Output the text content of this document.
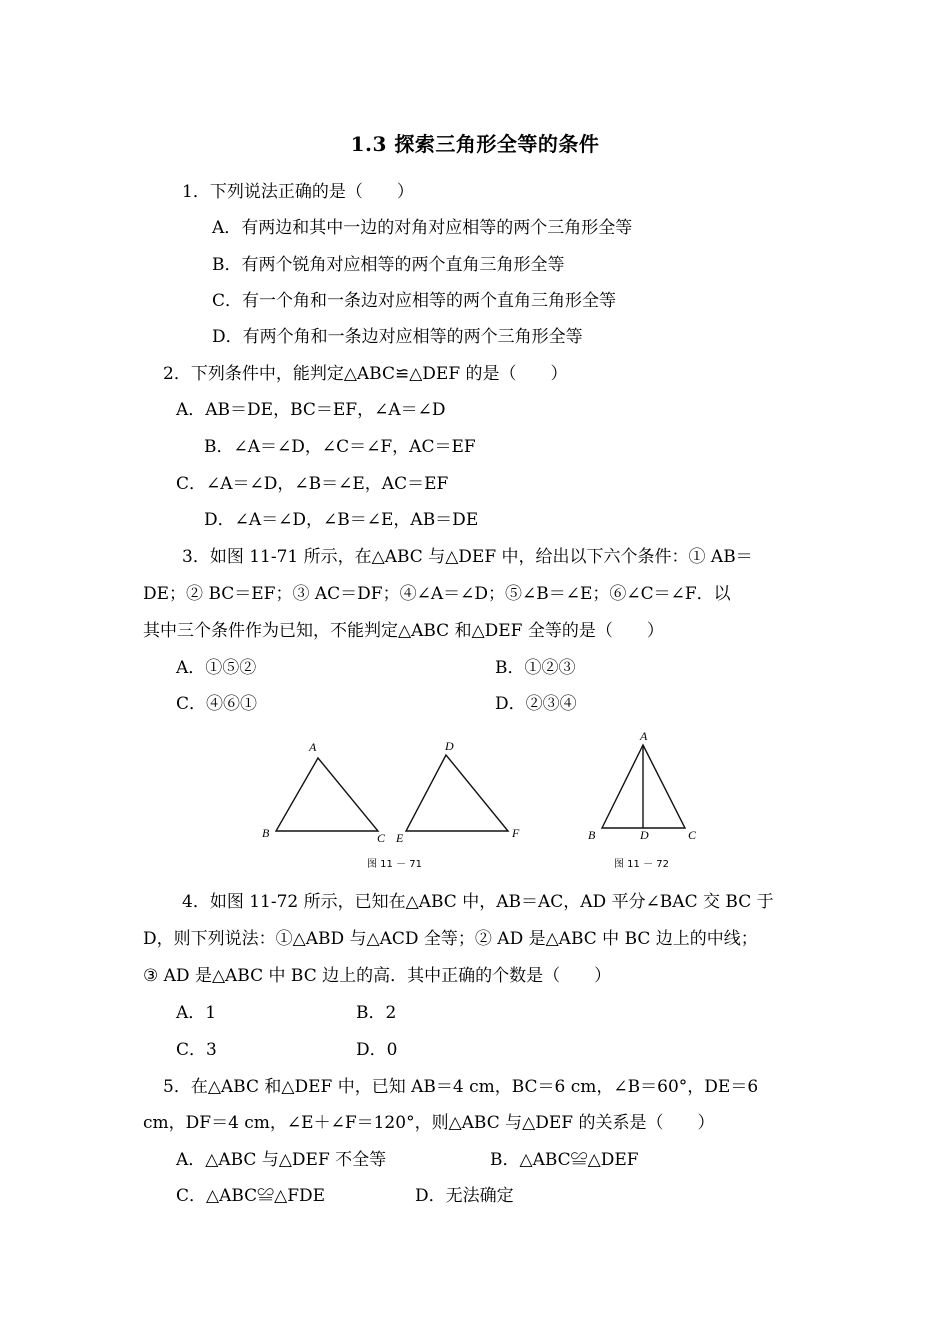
1.3 探索三角形全等的条件
1．下列说法正确的是（　　）
A．有两边和其中一边的对角对应相等的两个三角形全等
B．有两个锐角对应相等的两个直角三角形全等
C．有一个角和一条边对应相等的两个直角三角形全等
D．有两个角和一条边对应相等的两个三角形全等
2．下列条件中，能判定△ABC≌△DEF 的是（　　）
A．AB＝DE，BC＝EF，∠A＝∠D
B．∠A＝∠D，∠C＝∠F，AC＝EF
C．∠A＝∠D，∠B＝∠E，AC＝EF
D．∠A＝∠D，∠B＝∠E，AB＝DE
3．如图 11-71 所示，在△ABC 与△DEF 中，给出以下六个条件：① AB＝
DE；② BC＝EF；③ AC＝DF；④∠A＝∠D；⑤∠B＝∠E；⑥∠C＝∠F．以
其中三个条件作为已知，不能判定△ABC 和△DEF 全等的是（　　）
A．①⑤②	B．①②③
C．④⑥①	D．②③④
A
B	C
D
E	F
图 11 － 71
A
B	D	C
图 11 － 72
4．如图 11-72 所示，已知在△ABC 中，AB＝AC，AD 平分∠BAC 交 BC 于
D，则下列说法：①△ABD 与△ACD 全等；② AD 是△ABC 中 BC 边上的中线；
③ AD 是△ABC 中 BC 边上的高．其中正确的个数是（　　）
A．1	B．2
C．3	D．0
5．在△ABC 和△DEF 中，已知 AB＝4 cm，BC＝6 cm，∠B＝60°，DE＝6
cm，DF＝4 cm，∠E＋∠F＝120°，则△ABC 与△DEF 的关系是（　　）
A．△ABC 与△DEF 不全等	B．△ABC≌△DEF
C．△ABC≌△FDE	D．无法确定
